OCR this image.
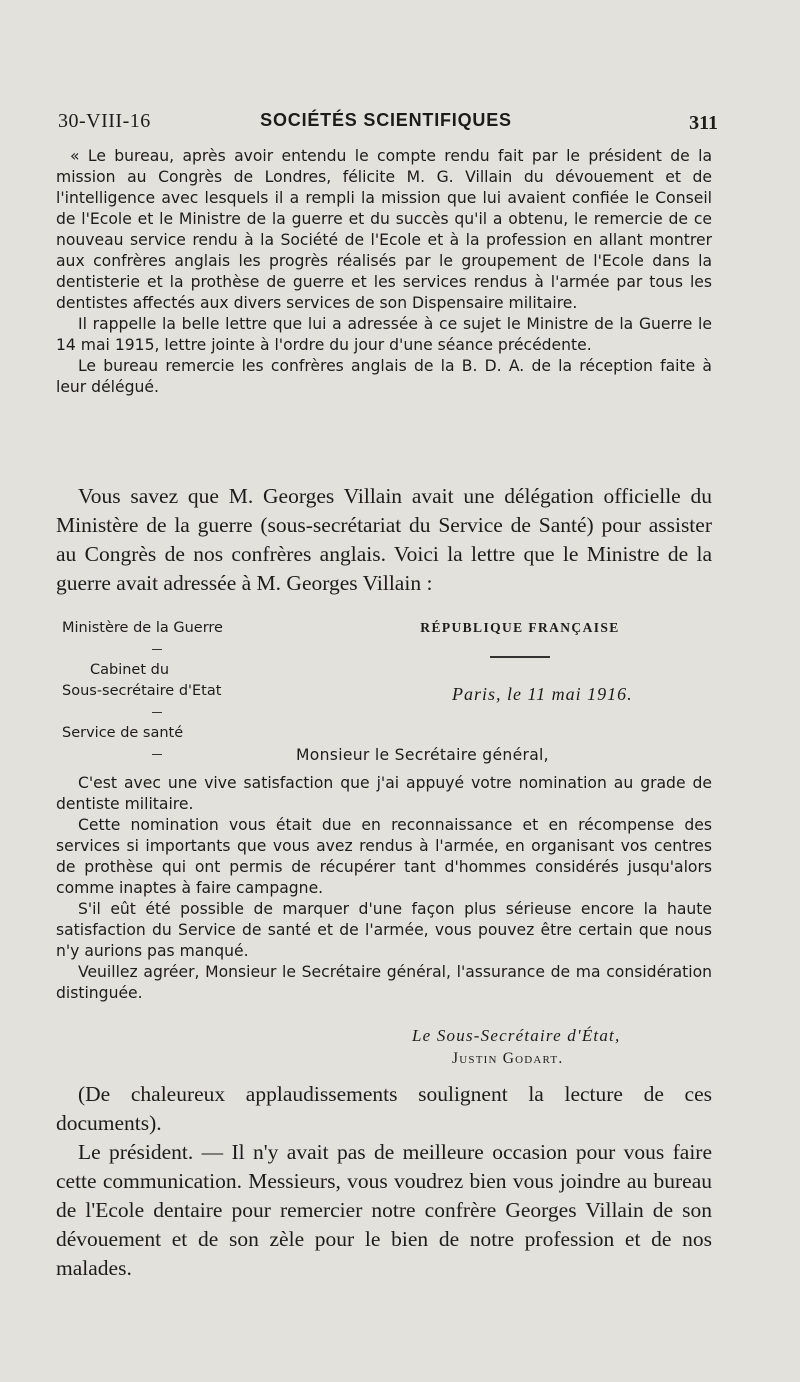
30-VIII-16	SOCIÉTÉS SCIENTIFIQUES	311

« Le bureau, après avoir entendu le compte rendu fait par le président de la mission au Congrès de Londres, félicite M. G. Villain du dévouement et de l'intelligence avec lesquels il a rempli la mission que lui avaient confiée le Conseil de l'Ecole et le Ministre de la guerre et du succès qu'il a obtenu, le remercie de ce nouveau service rendu à la Société de l'Ecole et à la profession en allant montrer aux confrères anglais les progrès réalisés par le groupement de l'Ecole dans la dentisterie et la prothèse de guerre et les services rendus à l'armée par tous les dentistes affectés aux divers services de son Dispensaire militaire.

Il rappelle la belle lettre que lui a adressée à ce sujet le Ministre de la Guerre le 14 mai 1915, lettre jointe à l'ordre du jour d'une séance précédente.

Le bureau remercie les confrères anglais de la B. D. A. de la réception faite à leur délégué.

Vous savez que M. Georges Villain avait une délégation officielle du Ministère de la guerre (sous-secrétariat du Service de Santé) pour assister au Congrès de nos confrères anglais. Voici la lettre que le Ministre de la guerre avait adressée à M. Georges Villain :

Ministère de la Guerre
Cabinet du
Sous-secrétaire d'Etat
Service de santé
RÉPUBLIQUE FRANÇAISE
Paris, le 11 mai 1916.
Monsieur le Secrétaire général,

C'est avec une vive satisfaction que j'ai appuyé votre nomination au grade de dentiste militaire.

Cette nomination vous était due en reconnaissance et en récompense des services si importants que vous avez rendus à l'armée, en organisant vos centres de prothèse qui ont permis de récupérer tant d'hommes considérés jusqu'alors comme inaptes à faire campagne.

S'il eût été possible de marquer d'une façon plus sérieuse encore la haute satisfaction du Service de santé et de l'armée, vous pouvez être certain que nous n'y aurions pas manqué.

Veuillez agréer, Monsieur le Secrétaire général, l'assurance de ma considération distinguée.

Le Sous-Secrétaire d'État,
Justin Godart.

(De chaleureux applaudissements soulignent la lecture de ces documents).

Le président. — Il n'y avait pas de meilleure occasion pour vous faire cette communication. Messieurs, vous voudrez bien vous joindre au bureau de l'Ecole dentaire pour remercier notre confrère Georges Villain de son dévouement et de son zèle pour le bien de notre profession et de nos malades.
